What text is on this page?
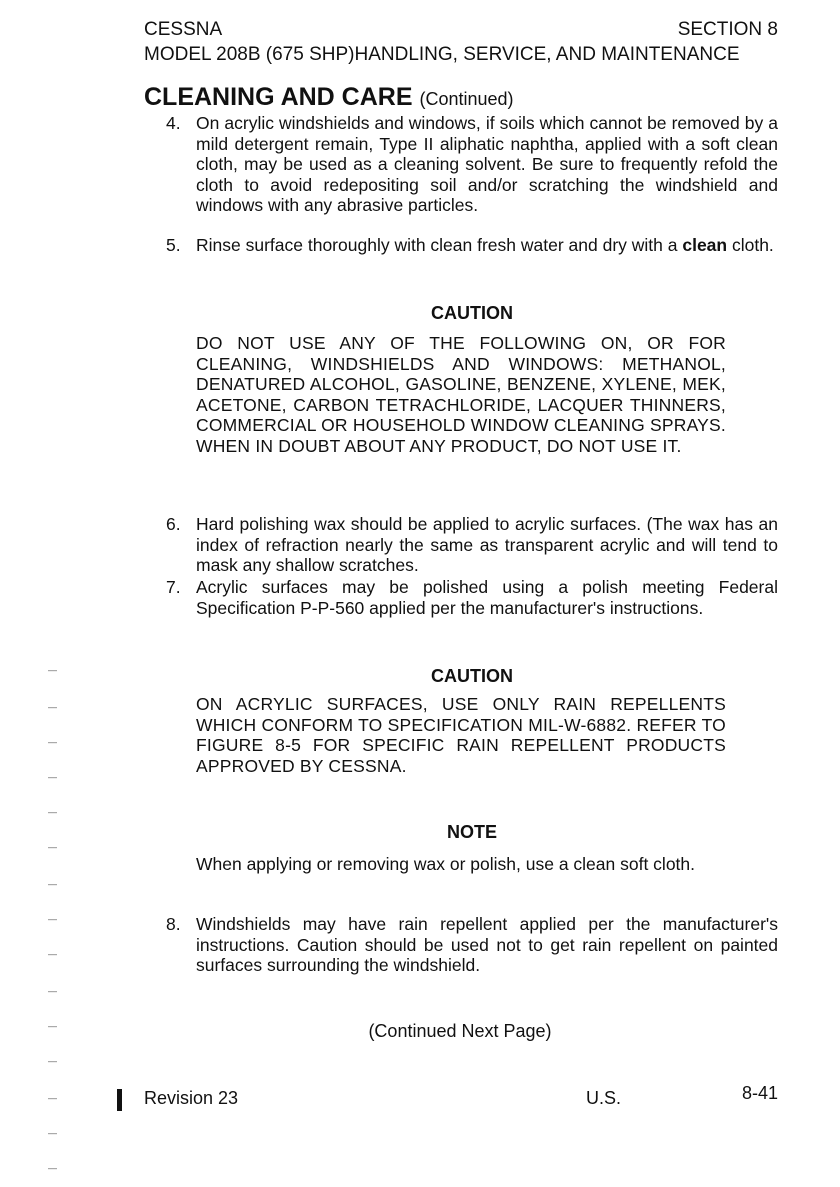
CESSNA	SECTION 8
MODEL 208B (675 SHP)HANDLING, SERVICE, AND MAINTENANCE
CLEANING AND CARE (Continued)
4. On acrylic windshields and windows, if soils which cannot be removed by a mild detergent remain, Type II aliphatic naphtha, applied with a soft clean cloth, may be used as a cleaning solvent. Be sure to frequently refold the cloth to avoid redepositing soil and/or scratching the windshield and windows with any abrasive particles.
5. Rinse surface thoroughly with clean fresh water and dry with a clean cloth.
CAUTION
DO NOT USE ANY OF THE FOLLOWING ON, OR FOR CLEANING, WINDSHIELDS AND WINDOWS: METHANOL, DENATURED ALCOHOL, GASOLINE, BENZENE, XYLENE, MEK, ACETONE, CARBON TETRACHLORIDE, LACQUER THINNERS, COMMERCIAL OR HOUSEHOLD WINDOW CLEANING SPRAYS. WHEN IN DOUBT ABOUT ANY PRODUCT, DO NOT USE IT.
6. Hard polishing wax should be applied to acrylic surfaces. (The wax has an index of refraction nearly the same as transparent acrylic and will tend to mask any shallow scratches.
7. Acrylic surfaces may be polished using a polish meeting Federal Specification P-P-560 applied per the manufacturer's instructions.
CAUTION
ON ACRYLIC SURFACES, USE ONLY RAIN REPELLENTS WHICH CONFORM TO SPECIFICATION MIL-W-6882. REFER TO FIGURE 8-5 FOR SPECIFIC RAIN REPELLENT PRODUCTS APPROVED BY CESSNA.
NOTE
When applying or removing wax or polish, use a clean soft cloth.
8. Windshields may have rain repellent applied per the manufacturer's instructions. Caution should be used not to get rain repellent on painted surfaces surrounding the windshield.
(Continued Next Page)
Revision 23	U.S.	8-41
—
—
—
—
—
—
—
—
—
—
—
—
—
—
—
